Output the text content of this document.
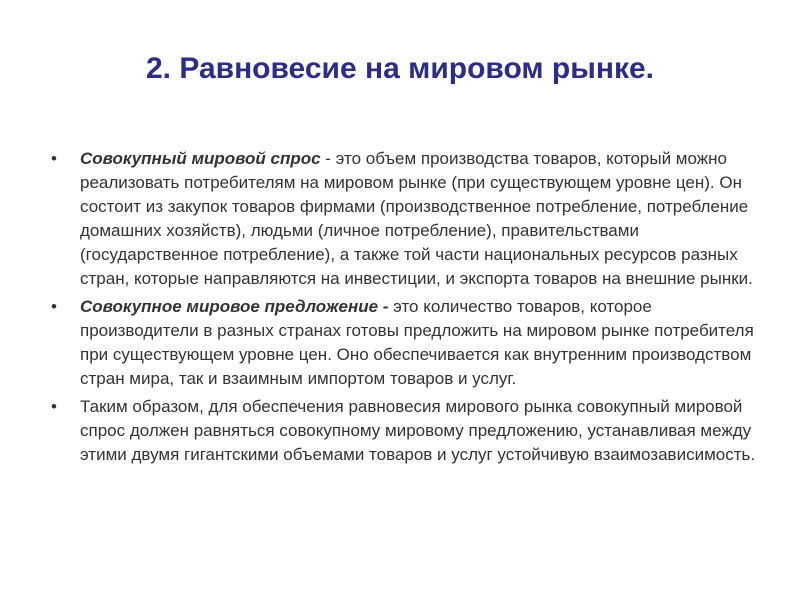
2. Равновесие на мировом рынке.
• Совокупный мировой спрос - это объем производства товаров, который можно реализовать потребителям на мировом рынке (при существующем уровне цен). Он состоит из закупок товаров фирмами (производственное потребление, потребление домашних хозяйств), людьми (личное потребление), правительствами (государственное потребление), а также той части национальных ресурсов разных стран, которые направляются на инвестиции, и экспорта товаров на внешние рынки.
• Совокупное мировое предложение - это количество товаров, которое производители в разных странах готовы предложить на мировом рынке потребителя при существующем уровне цен. Оно обеспечивается как внутренним производством стран мира, так и взаимным импортом товаров и услуг.
• Таким образом, для обеспечения равновесия мирового рынка совокупный мировой спрос должен равняться совокупному мировому предложению, устанавливая между этими двумя гигантскими объемами товаров и услуг устойчивую взаимозависимость.
